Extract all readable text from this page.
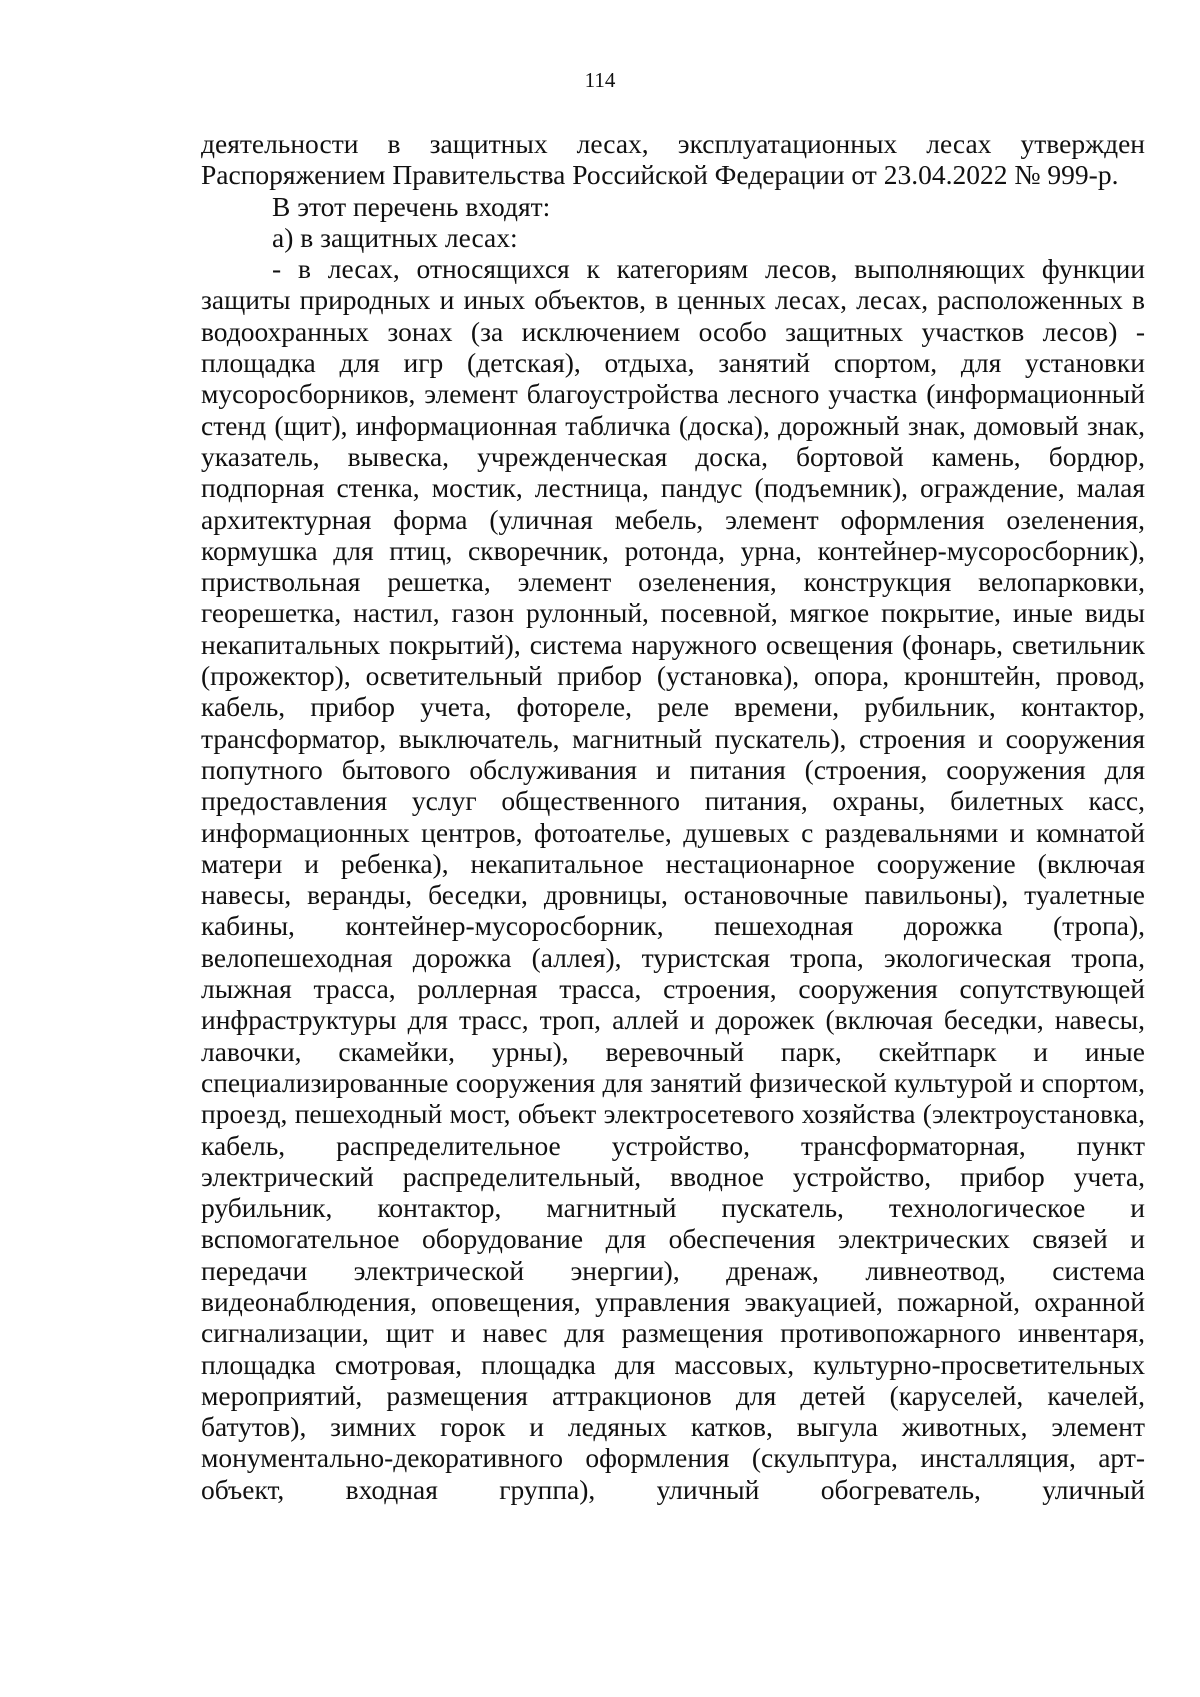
114

деятельности в защитных лесах, эксплуатационных лесах утвержден Распоряжением Правительства Российской Федерации от 23.04.2022 № 999-р.

В этот перечень входят:

а) в защитных лесах:

- в лесах, относящихся к категориям лесов, выполняющих функции защиты природных и иных объектов, в ценных лесах, лесах, расположенных в водоохранных зонах (за исключением особо защитных участков лесов) - площадка для игр (детская), отдыха, занятий спортом, для установки мусоросборников, элемент благоустройства лесного участка (информационный стенд (щит), информационная табличка (доска), дорожный знак, домовый знак, указатель, вывеска, учрежденческая доска, бортовой камень, бордюр, подпорная стенка, мостик, лестница, пандус (подъемник), ограждение, малая архитектурная форма (уличная мебель, элемент оформления озеленения, кормушка для птиц, скворечник, ротонда, урна, контейнер-мусоросборник), приствольная решетка, элемент озеленения, конструкция велопарковки, георешетка, настил, газон рулонный, посевной, мягкое покрытие, иные виды некапитальных покрытий), система наружного освещения (фонарь, светильник (прожектор), осветительный прибор (установка), опора, кронштейн, провод, кабель, прибор учета, фотореле, реле времени, рубильник, контактор, трансформатор, выключатель, магнитный пускатель), строения и сооружения попутного бытового обслуживания и питания (строения, сооружения для предоставления услуг общественного питания, охраны, билетных касс, информационных центров, фотоателье, душевых с раздевальнями и комнатой матери и ребенка), некапитальное нестационарное сооружение (включая навесы, веранды, беседки, дровницы, остановочные павильоны), туалетные кабины, контейнер-мусоросборник, пешеходная дорожка (тропа), велопешеходная дорожка (аллея), туристская тропа, экологическая тропа, лыжная трасса, роллерная трасса, строения, сооружения сопутствующей инфраструктуры для трасс, троп, аллей и дорожек (включая беседки, навесы, лавочки, скамейки, урны), веревочный парк, скейтпарк и иные специализированные сооружения для занятий физической культурой и спортом, проезд, пешеходный мост, объект электросетевого хозяйства (электроустановка, кабель, распределительное устройство, трансформаторная, пункт электрический распределительный, вводное устройство, прибор учета, рубильник, контактор, магнитный пускатель, технологическое и вспомогательное оборудование для обеспечения электрических связей и передачи электрической энергии), дренаж, ливнеотвод, система видеонаблюдения, оповещения, управления эвакуацией, пожарной, охранной сигнализации, щит и навес для размещения противопожарного инвентаря, площадка смотровая, площадка для массовых, культурно-просветительных мероприятий, размещения аттракционов для детей (каруселей, качелей, батутов), зимних горок и ледяных катков, выгула животных, элемент монументально-декоративного оформления (скульптура, инсталляция, арт-объект, входная группа), уличный обогреватель, уличный
